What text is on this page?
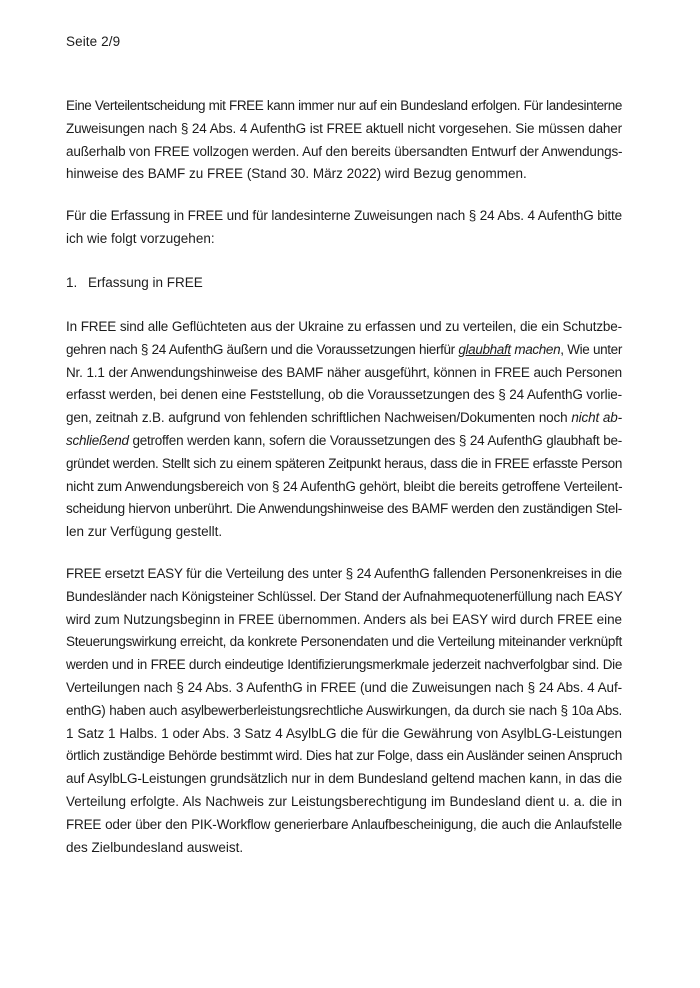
Seite 2/9
Eine Verteilentscheidung mit FREE kann immer nur auf ein Bundesland erfolgen. Für landesinterne
Zuweisungen nach § 24 Abs. 4 AufenthG ist FREE aktuell nicht vorgesehen. Sie müssen daher
außerhalb von FREE vollzogen werden. Auf den bereits übersandten Entwurf der Anwendungs-
hinweise des BAMF zu FREE (Stand 30. März 2022) wird Bezug genommen.
Für die Erfassung in FREE und für landesinterne Zuweisungen nach § 24 Abs. 4 AufenthG bitte
ich wie folgt vorzugehen:
1. Erfassung in FREE
In FREE sind alle Geflüchteten aus der Ukraine zu erfassen und zu verteilen, die ein Schutzbe-
gehren nach § 24 AufenthG äußern und die Voraussetzungen hierfür glaubhaft machen, Wie unter
Nr. 1.1 der Anwendungshinweise des BAMF näher ausgeführt, können in FREE auch Personen
erfasst werden, bei denen eine Feststellung, ob die Voraussetzungen des § 24 AufenthG vorlie-
gen, zeitnah z.B. aufgrund von fehlenden schriftlichen Nachweisen/Dokumenten noch nicht ab-
schließend getroffen werden kann, sofern die Voraussetzungen des § 24 AufenthG glaubhaft be-
gründet werden. Stellt sich zu einem späteren Zeitpunkt heraus, dass die in FREE erfasste Person
nicht zum Anwendungsbereich von § 24 AufenthG gehört, bleibt die bereits getroffene Verteilent-
scheidung hiervon unberührt. Die Anwendungshinweise des BAMF werden den zuständigen Stel-
len zur Verfügung gestellt.
FREE ersetzt EASY für die Verteilung des unter § 24 AufenthG fallenden Personenkreises in die
Bundesländer nach Königsteiner Schlüssel. Der Stand der Aufnahmequotenerfüllung nach EASY
wird zum Nutzungsbeginn in FREE übernommen. Anders als bei EASY wird durch FREE eine
Steuerungswirkung erreicht, da konkrete Personendaten und die Verteilung miteinander verknüpft
werden und in FREE durch eindeutige Identifizierungsmerkmale jederzeit nachverfolgbar sind. Die
Verteilungen nach § 24 Abs. 3 AufenthG in FREE (und die Zuweisungen nach § 24 Abs. 4 Auf-
enthG) haben auch asylbewerberleistungsrechtliche Auswirkungen, da durch sie nach § 10a Abs.
1 Satz 1 Halbs. 1 oder Abs. 3 Satz 4 AsylbLG die für die Gewährung von AsylbLG-Leistungen
örtlich zuständige Behörde bestimmt wird. Dies hat zur Folge, dass ein Ausländer seinen Anspruch
auf AsylbLG-Leistungen grundsätzlich nur in dem Bundesland geltend machen kann, in das die
Verteilung erfolgte. Als Nachweis zur Leistungsberechtigung im Bundesland dient u. a. die in
FREE oder über den PIK-Workflow generierbare Anlaufbescheinigung, die auch die Anlaufstelle
des Zielbundesland ausweist.
